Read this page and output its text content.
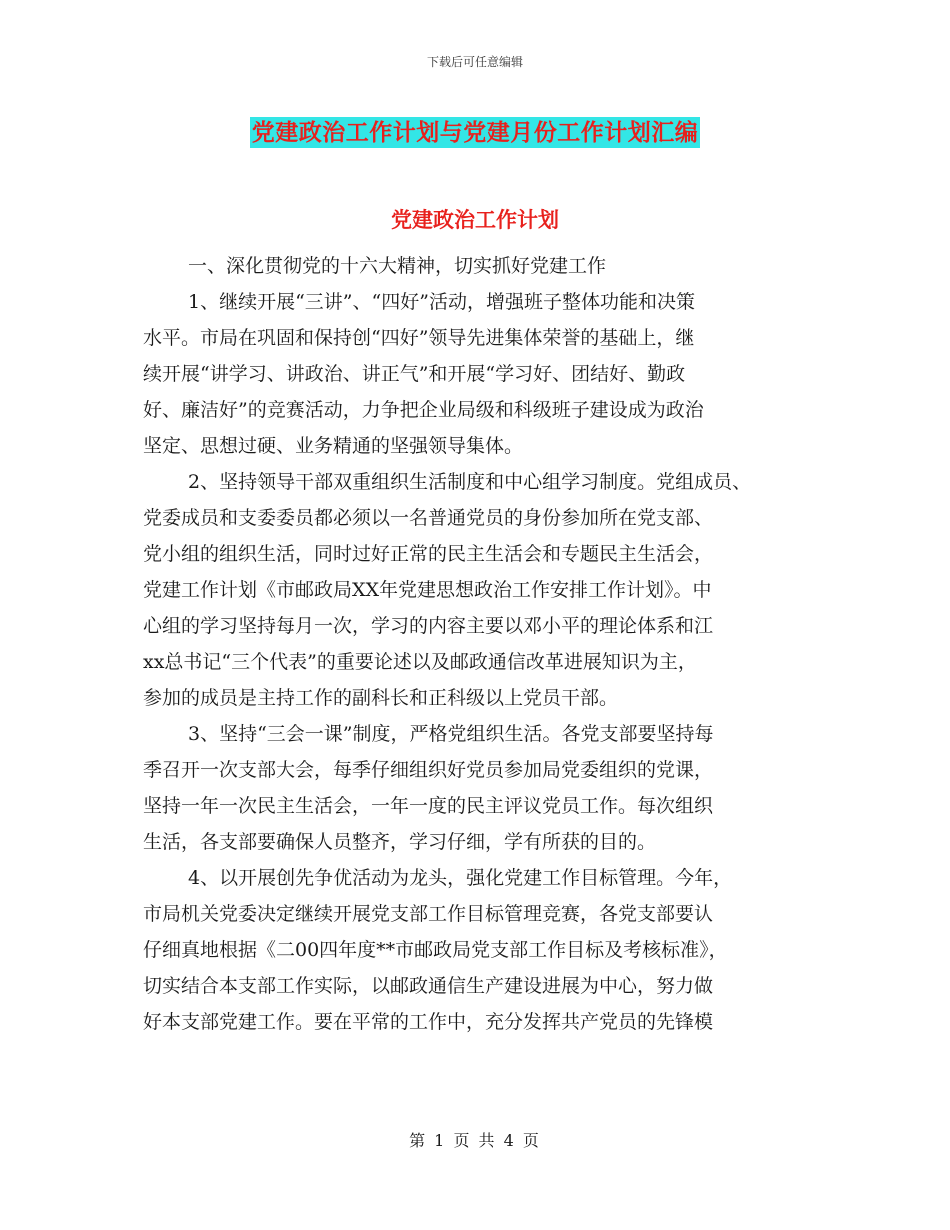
下载后可任意编辑
党建政治工作计划与党建月份工作计划汇编
党建政治工作计划
一、深化贯彻党的十六大精神，切实抓好党建工作
1、继续开展“三讲”、“四好”活动，增强班子整体功能和决策
水平。市局在巩固和保持创“四好”领导先进集体荣誉的基础上，继
续开展“讲学习、讲政治、讲正气”和开展“学习好、团结好、勤政
好、廉洁好”的竞赛活动，力争把企业局级和科级班子建设成为政治
坚定、思想过硬、业务精通的坚强领导集体。
2、坚持领导干部双重组织生活制度和中心组学习制度。党组成员、
党委成员和支委委员都必须以一名普通党员的身份参加所在党支部、
党小组的组织生活，同时过好正常的民主生活会和专题民主生活会，
党建工作计划《市邮政局XX年党建思想政治工作安排工作计划》。中
心组的学习坚持每月一次，学习的内容主要以邓小平的理论体系和江
xx总书记“三个代表”的重要论述以及邮政通信改革进展知识为主，
参加的成员是主持工作的副科长和正科级以上党员干部。
3、坚持“三会一课”制度，严格党组织生活。各党支部要坚持每
季召开一次支部大会，每季仔细组织好党员参加局党委组织的党课，
坚持一年一次民主生活会，一年一度的民主评议党员工作。每次组织
生活，各支部要确保人员整齐，学习仔细，学有所获的目的。
4、以开展创先争优活动为龙头，强化党建工作目标管理。今年，
市局机关党委决定继续开展党支部工作目标管理竞赛，各党支部要认
仔细真地根据《二00四年度**市邮政局党支部工作目标及考核标准》，
切实结合本支部工作实际，以邮政通信生产建设进展为中心，努力做
好本支部党建工作。要在平常的工作中，充分发挥共产党员的先锋模
第 1 页 共 4 页
